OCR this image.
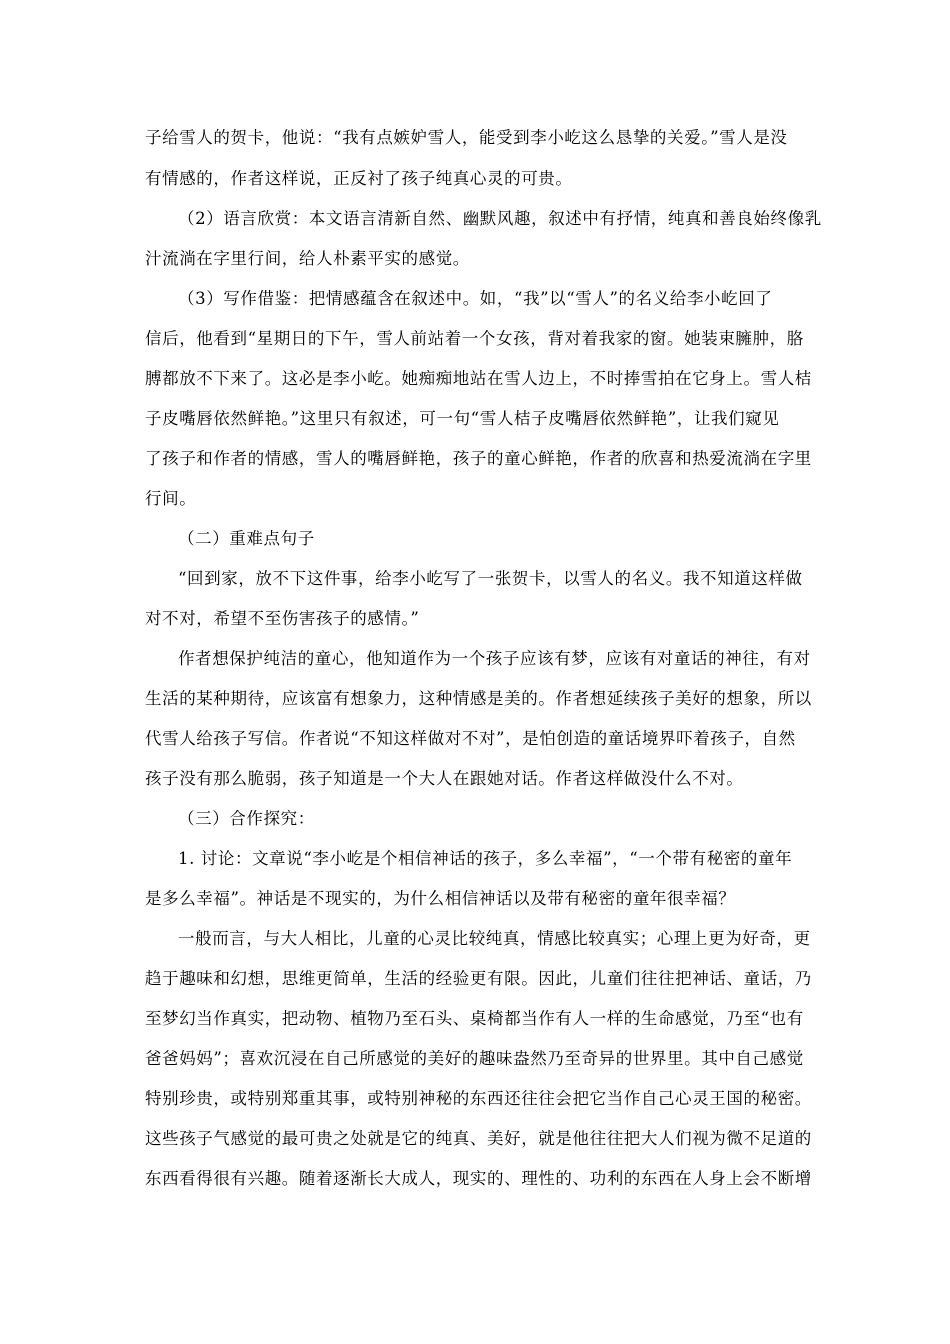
子给雪人的贺卡，他说：“我有点嫉妒雪人，能受到李小屹这么恳挚的关爱。”雪人是没
有情感的，作者这样说，正反衬了孩子纯真心灵的可贵。
（2）语言欣赏：本文语言清新自然、幽默风趣，叙述中有抒情，纯真和善良始终像乳
汁流淌在字里行间，给人朴素平实的感觉。
（3）写作借鉴：把情感蕴含在叙述中。如，“我”以“雪人”的名义给李小屹回了
信后，他看到“星期日的下午，雪人前站着一个女孩，背对着我家的窗。她装束臃肿，胳
膊都放不下来了。这必是李小屹。她痴痴地站在雪人边上，不时捧雪拍在它身上。雪人桔
子皮嘴唇依然鲜艳。”这里只有叙述，可一句“雪人桔子皮嘴唇依然鲜艳”，让我们窥见
了孩子和作者的情感，雪人的嘴唇鲜艳，孩子的童心鲜艳，作者的欣喜和热爱流淌在字里
行间。
（二）重难点句子
“回到家，放不下这件事，给李小屹写了一张贺卡，以雪人的名义。我不知道这样做
对不对，希望不至伤害孩子的感情。”
作者想保护纯洁的童心，他知道作为一个孩子应该有梦，应该有对童话的神往，有对
生活的某种期待，应该富有想象力，这种情感是美的。作者想延续孩子美好的想象，所以
代雪人给孩子写信。作者说“不知这样做对不对”，是怕创造的童话境界吓着孩子，自然
孩子没有那么脆弱，孩子知道是一个大人在跟她对话。作者这样做没什么不对。
（三）合作探究：
1. 讨论：文章说“李小屹是个相信神话的孩子，多么幸福”，“一个带有秘密的童年
是多么幸福”。神话是不现实的，为什么相信神话以及带有秘密的童年很幸福？
一般而言，与大人相比，儿童的心灵比较纯真，情感比较真实；心理上更为好奇，更
趋于趣味和幻想，思维更简单，生活的经验更有限。因此，儿童们往往把神话、童话，乃
至梦幻当作真实，把动物、植物乃至石头、桌椅都当作有人一样的生命感觉，乃至“也有
爸爸妈妈”；喜欢沉浸在自己所感觉的美好的趣味盎然乃至奇异的世界里。其中自己感觉
特别珍贵，或特别郑重其事，或特别神秘的东西还往往会把它当作自己心灵王国的秘密。
这些孩子气感觉的最可贵之处就是它的纯真、美好，就是他往往把大人们视为微不足道的
东西看得很有兴趣。随着逐渐长大成人，现实的、理性的、功利的东西在人身上会不断增
